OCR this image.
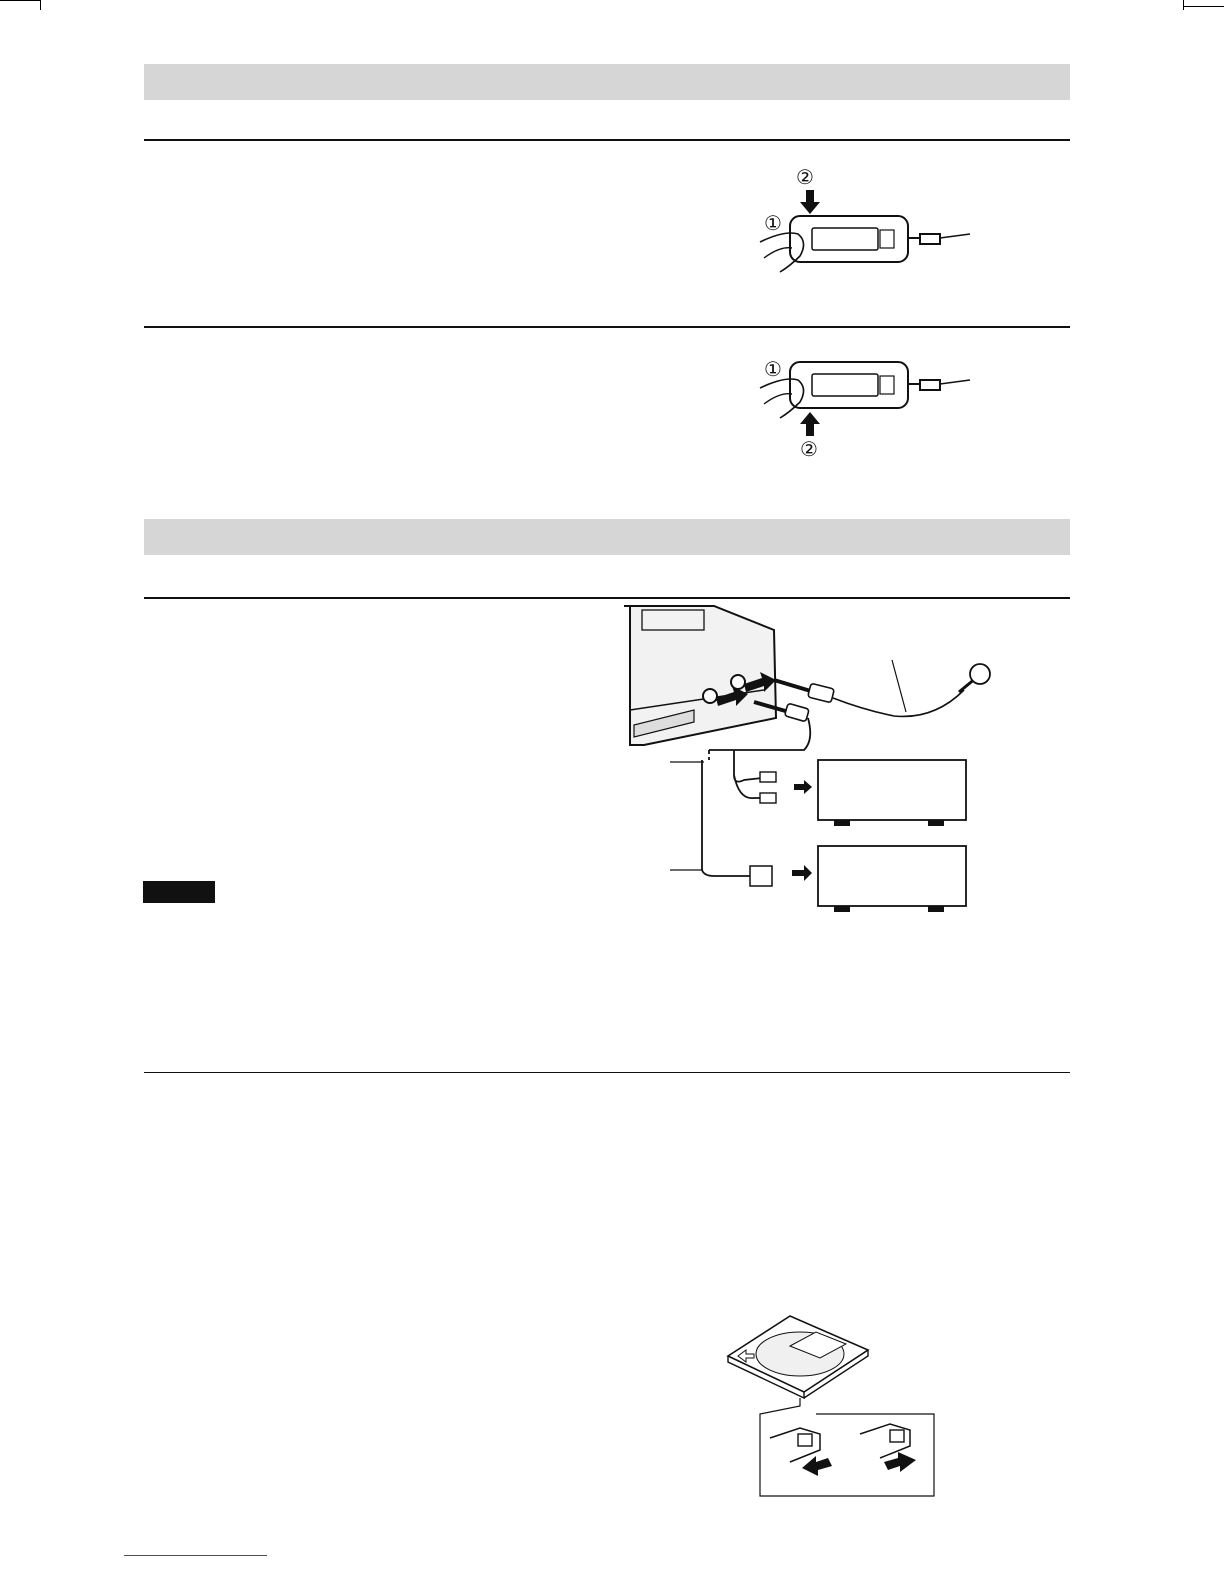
②
①
①
②
